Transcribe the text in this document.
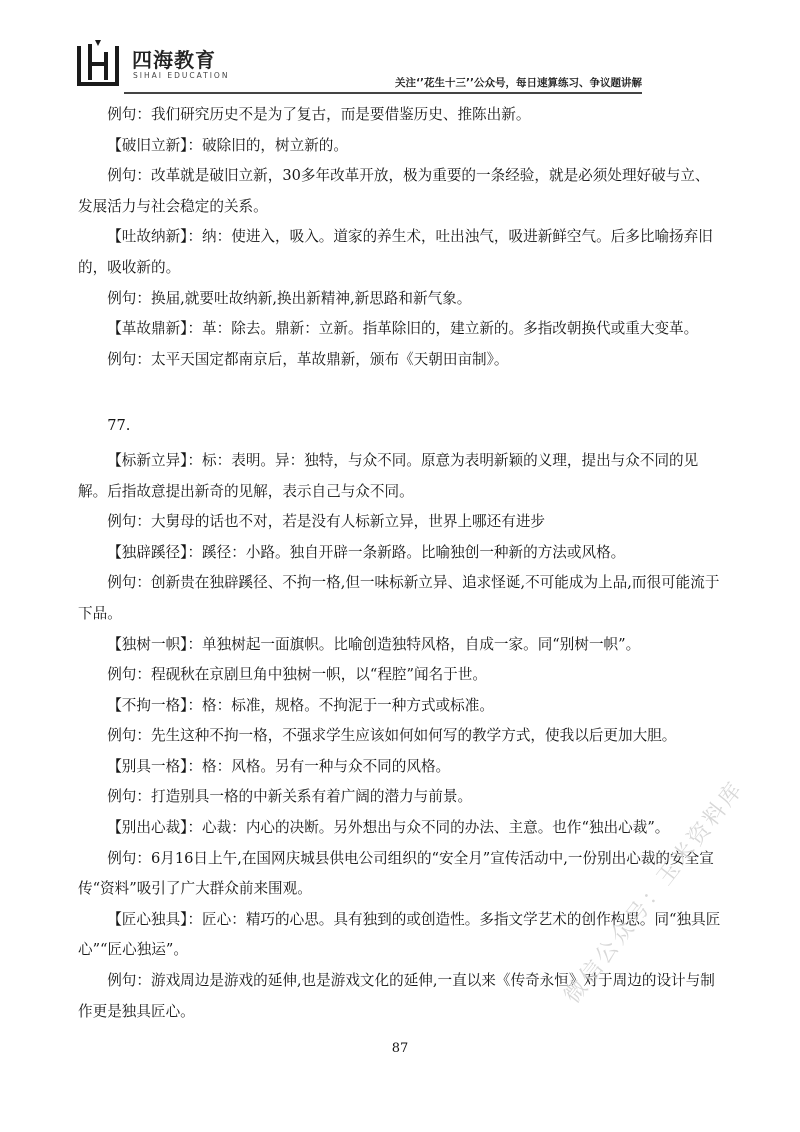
四海教育
SIHAI EDUCATION
关注‘’花生十三’’公众号，每日速算练习、争议题讲解

例句：我们研究历史不是为了复古，而是要借鉴历史、推陈出新。

【破旧立新】：破除旧的，树立新的。

例句：改革就是破旧立新，30多年改革开放，极为重要的一条经验，就是必须处理好破与立、发展活力与社会稳定的关系。

【吐故纳新】：纳：使进入，吸入。道家的养生术，吐出浊气，吸进新鲜空气。后多比喻扬弃旧的，吸收新的。

例句：换届,就要吐故纳新,换出新精神,新思路和新气象。

【革故鼎新】：革：除去。鼎新：立新。指革除旧的，建立新的。多指改朝换代或重大变革。

例句：太平天国定都南京后，革故鼎新，颁布《天朝田亩制》。

77.

【标新立异】：标：表明。异：独特，与众不同。原意为表明新颖的义理，提出与众不同的见解。后指故意提出新奇的见解，表示自己与众不同。

例句：大舅母的话也不对，若是没有人标新立异，世界上哪还有进步

【独辟蹊径】：蹊径：小路。独自开辟一条新路。比喻独创一种新的方法或风格。

例句：创新贵在独辟蹊径、不拘一格,但一味标新立异、追求怪诞,不可能成为上品,而很可能流于下品。

【独树一帜】：单独树起一面旗帜。比喻创造独特风格，自成一家。同“别树一帜”。

例句：程砚秋在京剧旦角中独树一帜，以“程腔”闻名于世。

【不拘一格】：格：标准，规格。不拘泥于一种方式或标准。

例句：先生这种不拘一格，不强求学生应该如何如何写的教学方式，使我以后更加大胆。

【别具一格】：格：风格。另有一种与众不同的风格。

例句：打造别具一格的中新关系有着广阔的潜力与前景。

【别出心裁】：心裁：内心的决断。另外想出与众不同的办法、主意。也作“独出心裁”。

例句：6月16日上午,在国网庆城县供电公司组织的“安全月”宣传活动中,一份别出心裁的安全宣传“资料”吸引了广大群众前来围观。

【匠心独具】：匠心：精巧的心思。具有独到的或创造性。多指文学艺术的创作构思。同“独具匠心”“匠心独运”。

例句：游戏周边是游戏的延伸,也是游戏文化的延伸,一直以来《传奇永恒》对于周边的设计与制作更是独具匠心。

87
微信公众号：玉米资料库
